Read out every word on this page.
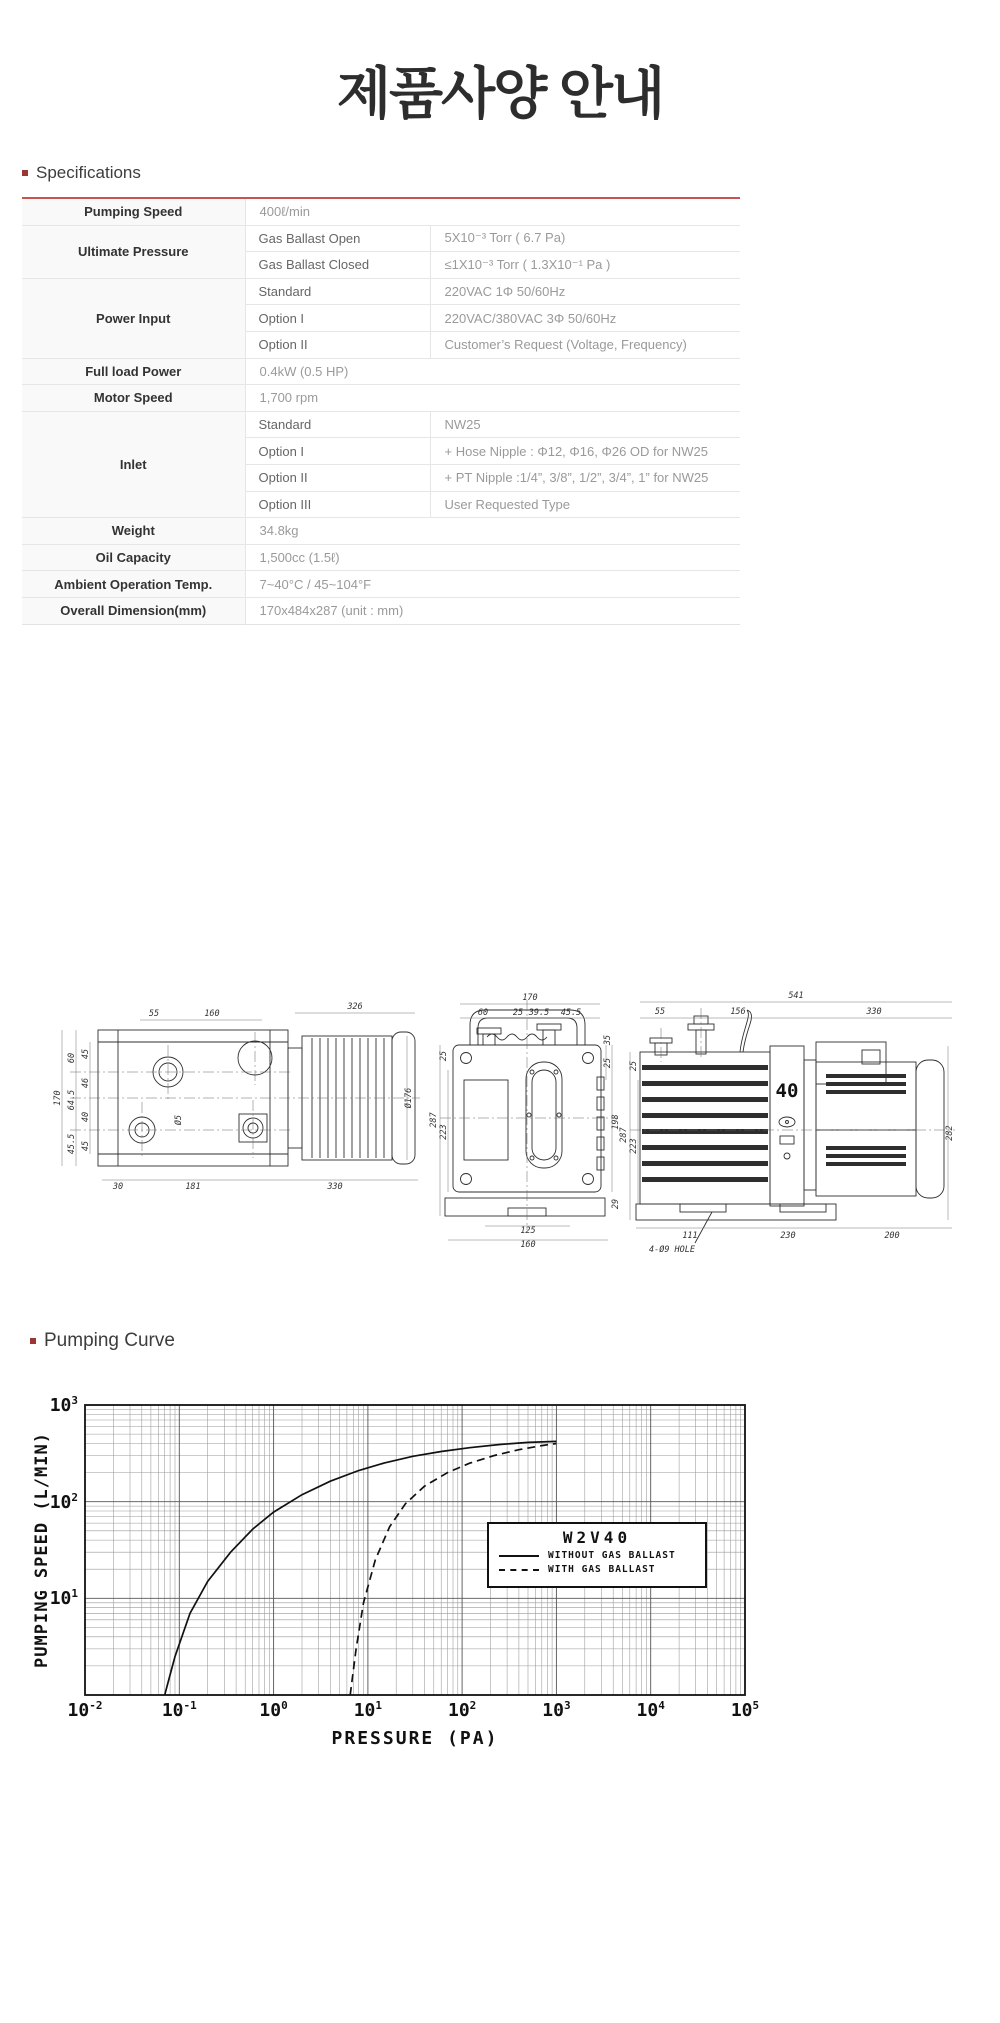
제품사양 안내
Specifications
Pumping Speed	400ℓ/min	
Ultimate Pressure	Gas Ballast Open	5X10⁻³ Torr ( 6.7 Pa)
	Gas Ballast Closed	≤1X10⁻³ Torr ( 1.3X10⁻¹ Pa )
Power Input	Standard	220VAC 1Φ 50/60Hz
	Option I	220VAC/380VAC 3Φ 50/60Hz
	Option II	Customer’s Request (Voltage, Frequency)
Full load Power	0.4kW (0.5 HP)	
Motor Speed	1,700 rpm	
Inlet	Standard	NW25
	Option I	+ Hose Nipple : Φ12, Φ16, Φ26 OD for NW25
	Option II	+ PT Nipple :1/4”, 3/8”, 1/2”, 3/4”, 1” for NW25
	Option III	User Requested Type
Weight	34.8kg	
Oil Capacity	1,500cc (1.5ℓ)	
Ambient Operation Temp.	7~40°C / 45~104°F	
Overall Dimension(mm)	170x484x287 (unit : mm)	
55	160
326
170
60
64.5
45.5
45
46
40
45
Ø5
30	181	330
Ø176
170
60	25 39.5 45.5
35
25
198
29
287
223
25
125
160
541
55	156	330
287
223
25
282
111	230	200
4-Ø9 HOLE
40
Pumping Curve
PUMPING SPEED (L/MIN)
PRESSURE (PA)
W2V40
WITHOUT GAS BALLAST
WITH GAS BALLAST
$10^{-2}$	$10^{-1}$	$10^0$	$10^1$	$10^2$	$10^3$	$10^4$	$10^5$
$10^3$
$10^2$
$10^1$
